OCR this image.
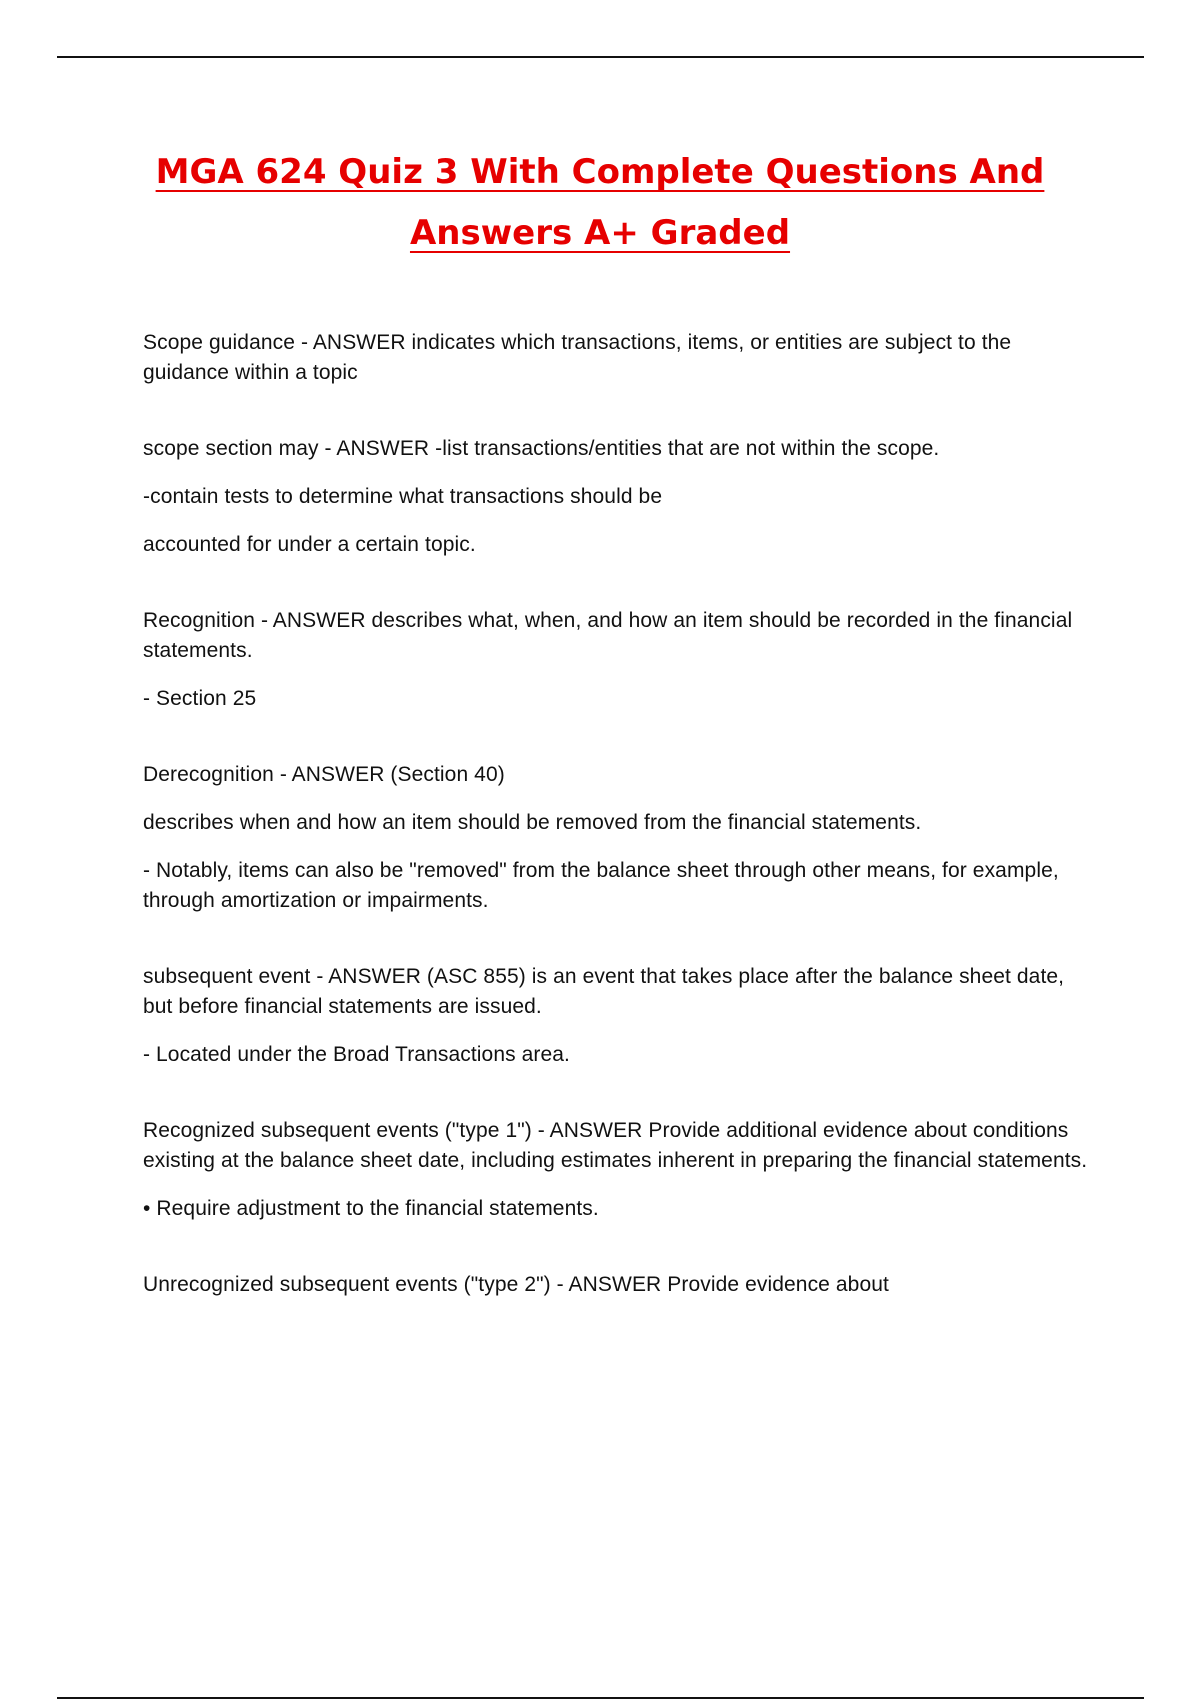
MGA 624 Quiz 3 With Complete Questions And
Answers A+ Graded

Scope guidance - ANSWER indicates which transactions, items, or entities are subject to the guidance within a topic

scope section may - ANSWER -list transactions/entities that are not within the scope.

-contain tests to determine what transactions should be

accounted for under a certain topic.

Recognition - ANSWER describes what, when, and how an item should be recorded in the financial statements.

- Section 25

Derecognition - ANSWER (Section 40)

describes when and how an item should be removed from the financial statements.

- Notably, items can also be "removed" from the balance sheet through other means, for example, through amortization or impairments.

subsequent event - ANSWER (ASC 855) is an event that takes place after the balance sheet date, but before financial statements are issued.

- Located under the Broad Transactions area.

Recognized subsequent events ("type 1") - ANSWER Provide additional evidence about conditions existing at the balance sheet date, including estimates inherent in preparing the financial statements.

• Require adjustment to the financial statements.

Unrecognized subsequent events ("type 2") - ANSWER Provide evidence about
